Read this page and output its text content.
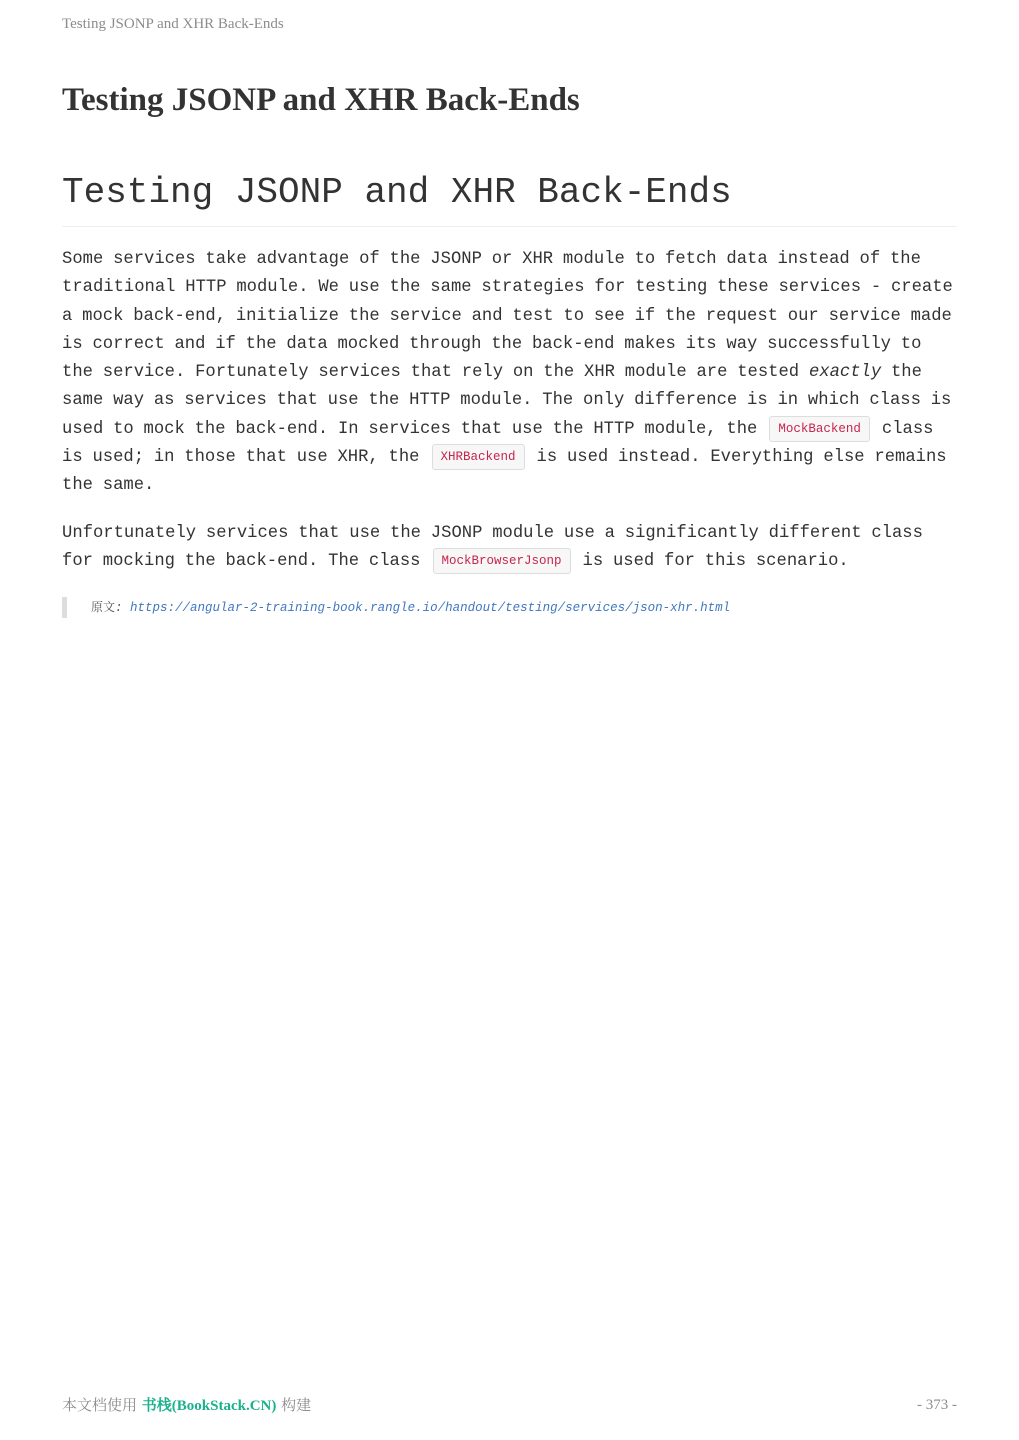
Testing JSONP and XHR Back-Ends
Testing JSONP and XHR Back-Ends
Testing JSONP and XHR Back-Ends

Some services take advantage of the JSONP or XHR module to fetch data instead of the traditional HTTP module. We use the same strategies for testing these services - create a mock back-end, initialize the service and test to see if the request our service made is correct and if the data mocked through the back-end makes its way successfully to the service. Fortunately services that rely on the XHR module are tested exactly the same way as services that use the HTTP module. The only difference is in which class is used to mock the back-end. In services that use the HTTP module, the MockBackend class is used; in those that use XHR, the XHRBackend is used instead. Everything else remains the same.

Unfortunately services that use the JSONP module use a significantly different class for mocking the back-end. The class MockBrowserJsonp is used for this scenario.

原文: https://angular-2-training-book.rangle.io/handout/testing/services/json-xhr.html
本文档使用 书栈(BookStack.CN) 构建	- 373 -
